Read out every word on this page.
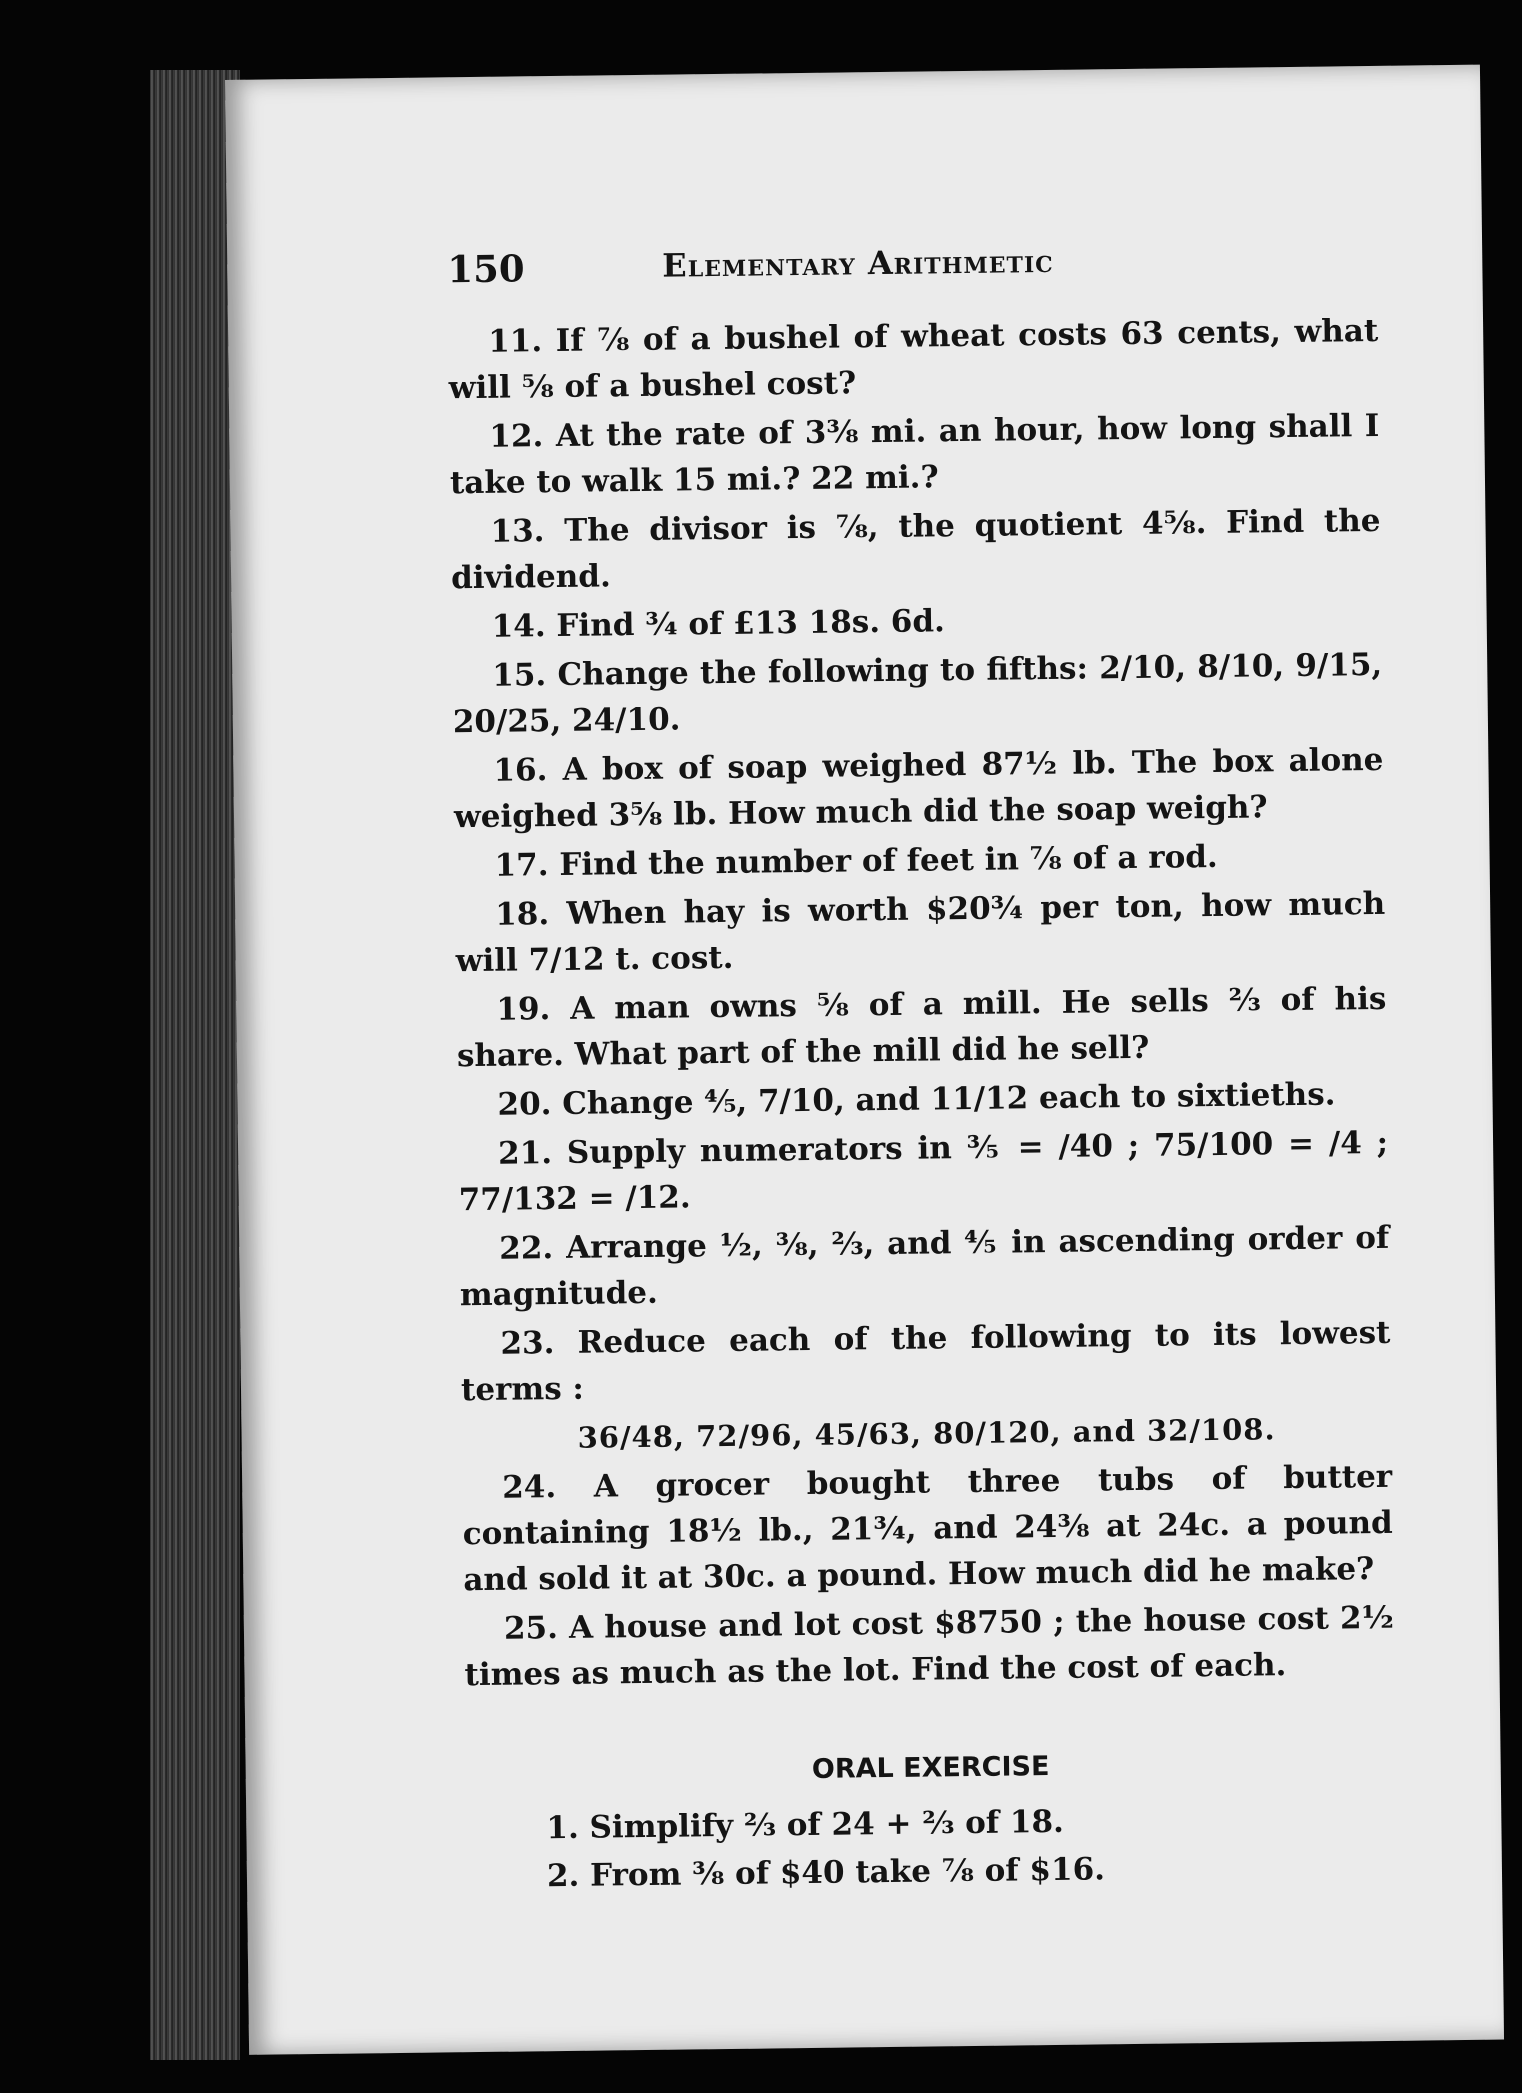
150	Elementary Arithmetic

11. If ⅞ of a bushel of wheat costs 63 cents, what will ⅝ of a bushel cost?

12. At the rate of 3⅜ mi. an hour, how long shall I take to walk 15 mi.? 22 mi.?

13. The divisor is ⅞, the quotient 4⅝. Find the dividend.

14. Find ¾ of £13 18s. 6d.

15. Change the following to fifths: 2/10, 8/10, 9/15, 20/25, 24/10.

16. A box of soap weighed 87½ lb. The box alone weighed 3⅝ lb. How much did the soap weigh?

17. Find the number of feet in ⅞ of a rod.

18. When hay is worth $20¾ per ton, how much will 7/12 t. cost.

19. A man owns ⅝ of a mill. He sells ⅔ of his share. What part of the mill did he sell?

20. Change ⅘, 7/10, and 11/12 each to sixtieths.

21. Supply numerators in ⅗ = /40 ; 75/100 = /4 ; 77/132 = /12.

22. Arrange ½, ⅜, ⅔, and ⅘ in ascending order of magnitude.

23. Reduce each of the following to its lowest terms :

36/48, 72/96, 45/63, 80/120, and 32/108.

24. A grocer bought three tubs of butter containing 18½ lb., 21¾, and 24⅜ at 24c. a pound and sold it at 30c. a pound. How much did he make?

25. A house and lot cost $8750 ; the house cost 2½ times as much as the lot. Find the cost of each.

ORAL EXERCISE
1. Simplify ⅔ of 24 + ⅔ of 18.
2. From ⅜ of $40 take ⅞ of $16.
